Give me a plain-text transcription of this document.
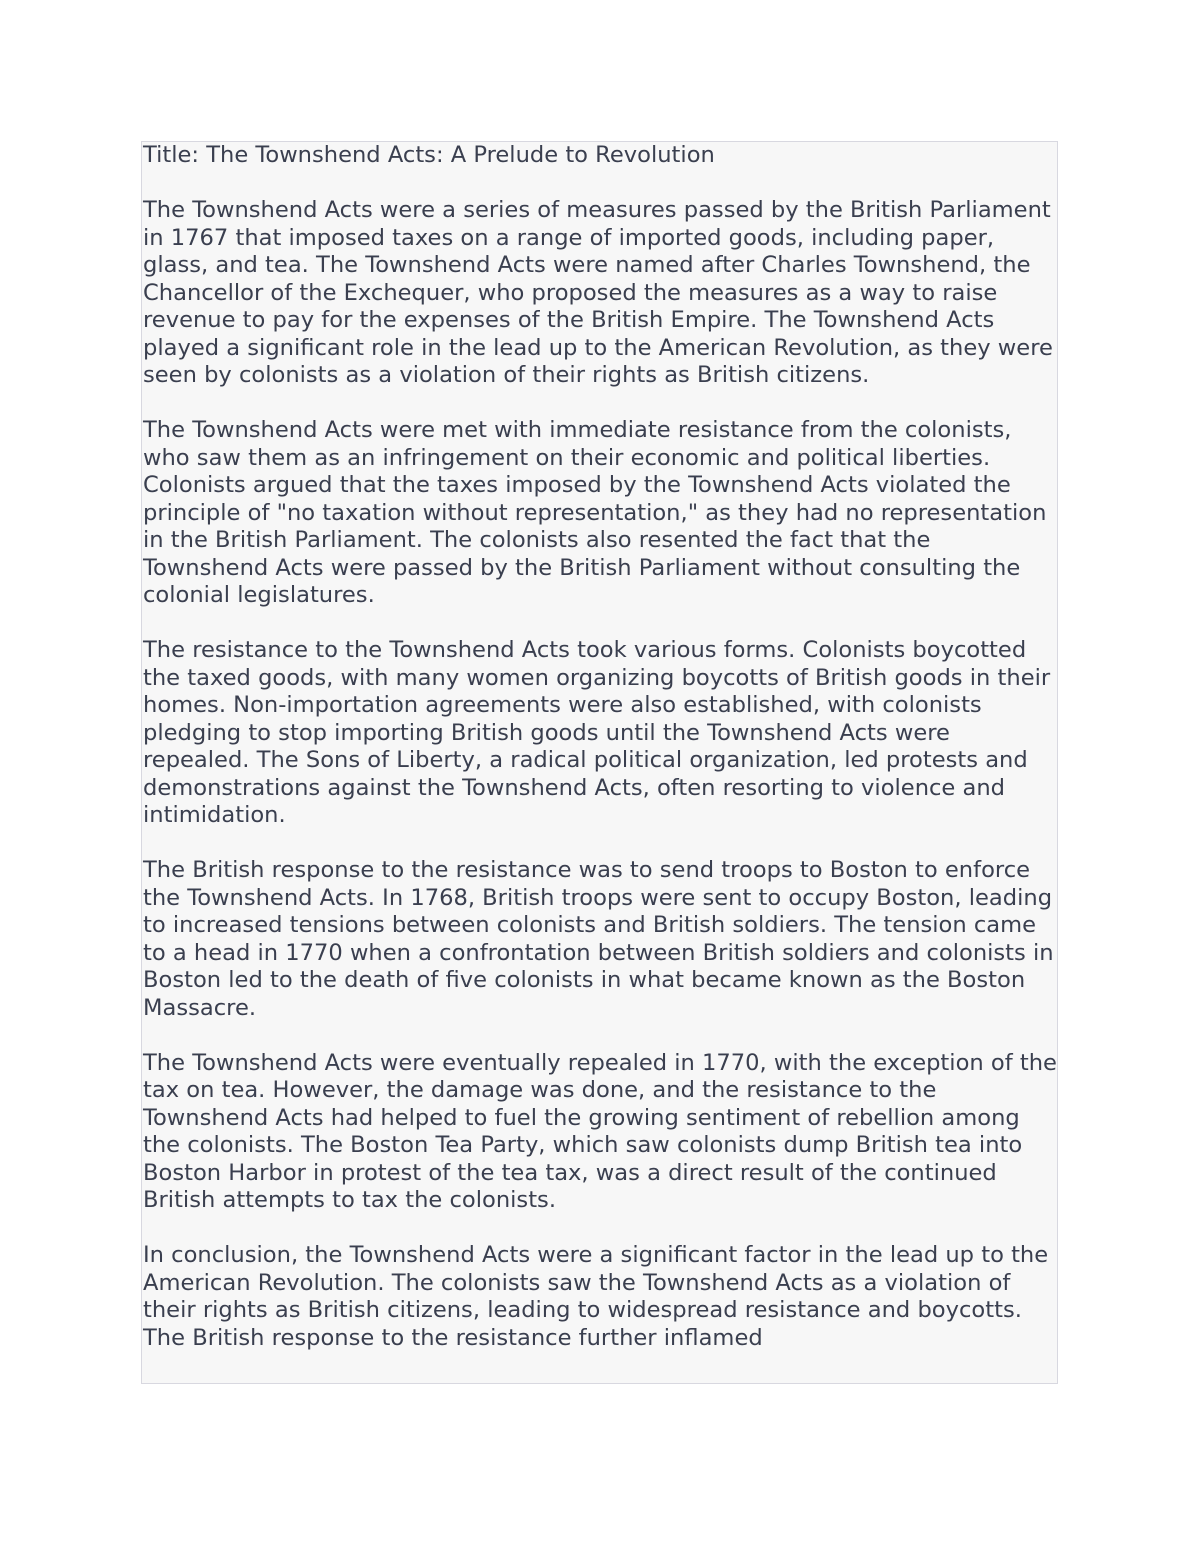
Title: The Townshend Acts: A Prelude to Revolution

The Townshend Acts were a series of measures passed by the British Parliament in 1767 that imposed taxes on a range of imported goods, including paper, glass, and tea. The Townshend Acts were named after Charles Townshend, the Chancellor of the Exchequer, who proposed the measures as a way to raise revenue to pay for the expenses of the British Empire. The Townshend Acts played a significant role in the lead up to the American Revolution, as they were seen by colonists as a violation of their rights as British citizens.

The Townshend Acts were met with immediate resistance from the colonists, who saw them as an infringement on their economic and political liberties. Colonists argued that the taxes imposed by the Townshend Acts violated the principle of "no taxation without representation," as they had no representation in the British Parliament. The colonists also resented the fact that the Townshend Acts were passed by the British Parliament without consulting the colonial legislatures.

The resistance to the Townshend Acts took various forms. Colonists boycotted the taxed goods, with many women organizing boycotts of British goods in their homes. Non-importation agreements were also established, with colonists pledging to stop importing British goods until the Townshend Acts were repealed. The Sons of Liberty, a radical political organization, led protests and demonstrations against the Townshend Acts, often resorting to violence and intimidation.

The British response to the resistance was to send troops to Boston to enforce the Townshend Acts. In 1768, British troops were sent to occupy Boston, leading to increased tensions between colonists and British soldiers. The tension came to a head in 1770 when a confrontation between British soldiers and colonists in Boston led to the death of five colonists in what became known as the Boston Massacre.

The Townshend Acts were eventually repealed in 1770, with the exception of the tax on tea. However, the damage was done, and the resistance to the Townshend Acts had helped to fuel the growing sentiment of rebellion among the colonists. The Boston Tea Party, which saw colonists dump British tea into Boston Harbor in protest of the tea tax, was a direct result of the continued British attempts to tax the colonists.

In conclusion, the Townshend Acts were a significant factor in the lead up to the American Revolution. The colonists saw the Townshend Acts as a violation of their rights as British citizens, leading to widespread resistance and boycotts. The British response to the resistance further inflamed
